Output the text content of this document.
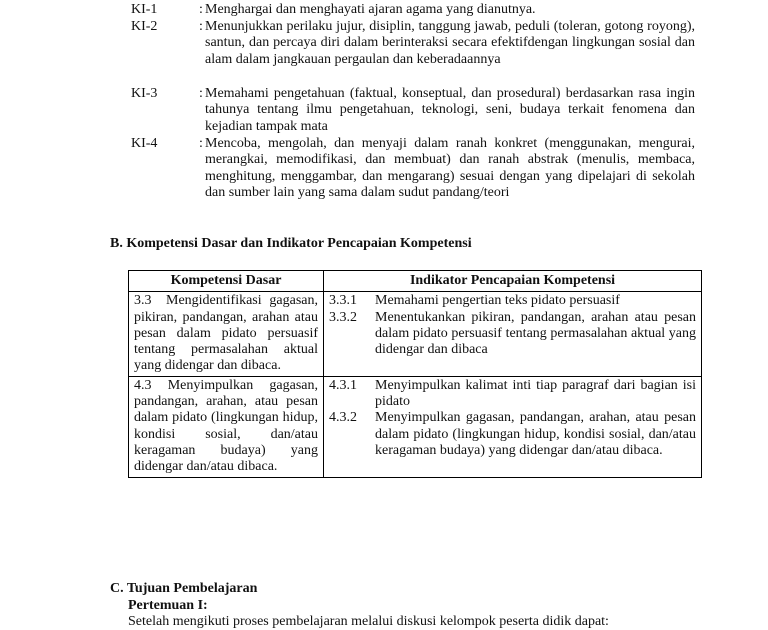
KI-1	: Menghargai dan menghayati ajaran agama yang dianutnya.
KI-2	: Menunjukkan perilaku jujur, disiplin, tanggung jawab, peduli (toleran, gotong royong), santun, dan percaya diri dalam berinteraksi secara efektifdengan lingkungan sosial dan alam dalam jangkauan pergaulan dan keberadaannya
KI-3	: Memahami pengetahuan (faktual, konseptual, dan prosedural) berdasarkan rasa ingin tahunya tentang ilmu pengetahuan, teknologi, seni, budaya terkait fenomena dan kejadian tampak mata
KI-4	: Mencoba, mengolah, dan menyaji dalam ranah konkret (menggunakan, mengurai, merangkai, memodifikasi, dan membuat) dan ranah abstrak (menulis, membaca, menghitung, menggambar, dan mengarang) sesuai dengan yang dipelajari di sekolah dan sumber lain yang sama dalam sudut pandang/teori
B. Kompetensi Dasar dan Indikator Pencapaian Kompetensi
Kompetensi Dasar	Indikator Pencapaian Kompetensi
3.3 Mengidentifikasi gagasan, pikiran, pandangan, arahan atau pesan dalam pidato persuasif tentang permasalahan aktual yang didengar dan dibaca.	3.3.1 Memahami pengertian teks pidato persuasif
3.3.2 Menentukankan pikiran, pandangan, arahan atau pesan dalam pidato persuasif tentang permasalahan aktual yang didengar dan dibaca

4.3 Menyimpulkan gagasan, pandangan, arahan, atau pesan dalam pidato (lingkungan hidup, kondisi sosial, dan/atau keragaman budaya) yang didengar dan/atau dibaca.	4.3.1 Menyimpulkan kalimat inti tiap paragraf dari bagian isi pidato
4.3.2 Menyimpulkan gagasan, pandangan, arahan, atau pesan dalam pidato (lingkungan hidup, kondisi sosial, dan/atau keragaman budaya) yang didengar dan/atau dibaca.
C. Tujuan Pembelajaran
Pertemuan I:
Setelah mengikuti proses pembelajaran melalui diskusi kelompok peserta didik dapat:
